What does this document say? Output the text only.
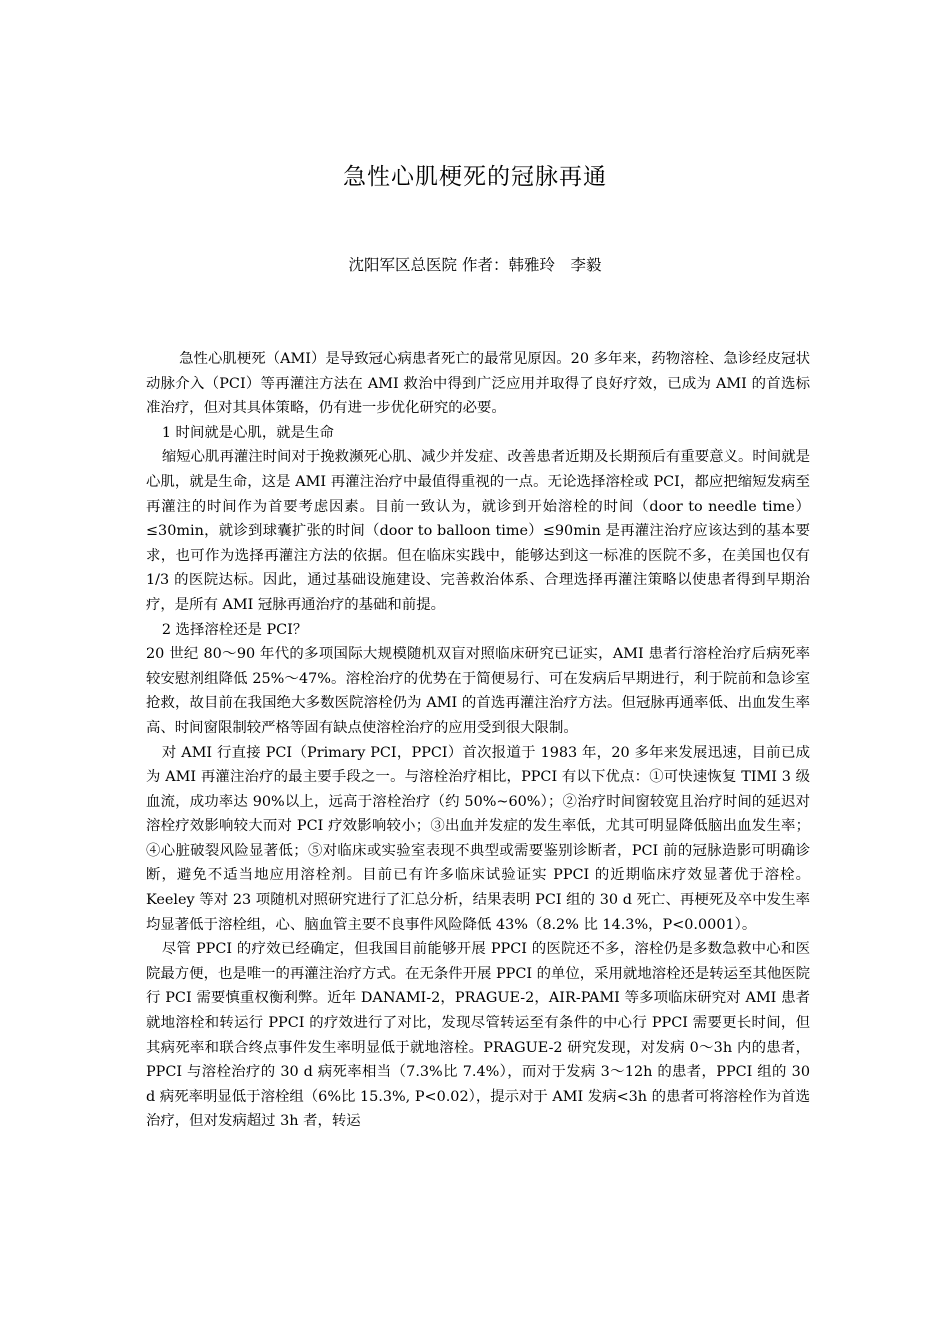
急性心肌梗死的冠脉再通
沈阳军区总医院 作者：韩雅玲　李毅

急性心肌梗死（AMI）是导致冠心病患者死亡的最常见原因。20 多年来，药物溶栓、急诊经皮冠状动脉介入（PCI）等再灌注方法在 AMI 救治中得到广泛应用并取得了良好疗效，已成为 AMI 的首选标准治疗，但对其具体策略，仍有进一步优化研究的必要。

1 时间就是心肌，就是生命

缩短心肌再灌注时间对于挽救濒死心肌、减少并发症、改善患者近期及长期预后有重要意义。时间就是心肌，就是生命，这是 AMI 再灌注治疗中最值得重视的一点。无论选择溶栓或 PCI，都应把缩短发病至再灌注的时间作为首要考虑因素。目前一致认为，就诊到开始溶栓的时间（door to needle time）≤30min，就诊到球囊扩张的时间（door to balloon time）≤90min 是再灌注治疗应该达到的基本要求，也可作为选择再灌注方法的依据。但在临床实践中，能够达到这一标准的医院不多，在美国也仅有 1/3 的医院达标。因此，通过基础设施建设、完善救治体系、合理选择再灌注策略以使患者得到早期治疗，是所有 AMI 冠脉再通治疗的基础和前提。

2 选择溶栓还是 PCI？

20 世纪 80～90 年代的多项国际大规模随机双盲对照临床研究已证实，AMI 患者行溶栓治疗后病死率较安慰剂组降低 25%～47%。溶栓治疗的优势在于简便易行、可在发病后早期进行，利于院前和急诊室抢救，故目前在我国绝大多数医院溶栓仍为 AMI 的首选再灌注治疗方法。但冠脉再通率低、出血发生率高、时间窗限制较严格等固有缺点使溶栓治疗的应用受到很大限制。

对 AMI 行直接 PCI（Primary PCI，PPCI）首次报道于 1983 年，20 多年来发展迅速，目前已成为 AMI 再灌注治疗的最主要手段之一。与溶栓治疗相比，PPCI 有以下优点：①可快速恢复 TIMI 3 级血流，成功率达 90%以上，远高于溶栓治疗（约 50%~60%）；②治疗时间窗较宽且治疗时间的延迟对溶栓疗效影响较大而对 PCI 疗效影响较小；③出血并发症的发生率低，尤其可明显降低脑出血发生率；④心脏破裂风险显著低；⑤对临床或实验室表现不典型或需要鉴别诊断者，PCI 前的冠脉造影可明确诊断，避免不适当地应用溶栓剂。目前已有许多临床试验证实 PPCI 的近期临床疗效显著优于溶栓。Keeley 等对 23 项随机对照研究进行了汇总分析，结果表明 PCI 组的 30 d 死亡、再梗死及卒中发生率均显著低于溶栓组，心、脑血管主要不良事件风险降低 43%（8.2% 比 14.3%，P<0.0001）。

尽管 PPCI 的疗效已经确定，但我国目前能够开展 PPCI 的医院还不多，溶栓仍是多数急救中心和医院最方便，也是唯一的再灌注治疗方式。在无条件开展 PPCI 的单位，采用就地溶栓还是转运至其他医院行 PCI 需要慎重权衡利弊。近年 DANAMI-2，PRAGUE-2，AIR-PAMI 等多项临床研究对 AMI 患者就地溶栓和转运行 PPCI 的疗效进行了对比，发现尽管转运至有条件的中心行 PPCI 需要更长时间，但其病死率和联合终点事件发生率明显低于就地溶栓。PRAGUE-2 研究发现，对发病 0～3h 内的患者，PPCI 与溶栓治疗的 30 d 病死率相当（7.3%比 7.4%），而对于发病 3～12h 的患者，PPCI 组的 30 d 病死率明显低于溶栓组（6%比 15.3%, P<0.02），提示对于 AMI 发病<3h 的患者可将溶栓作为首选治疗，但对发病超过 3h 者，转运
